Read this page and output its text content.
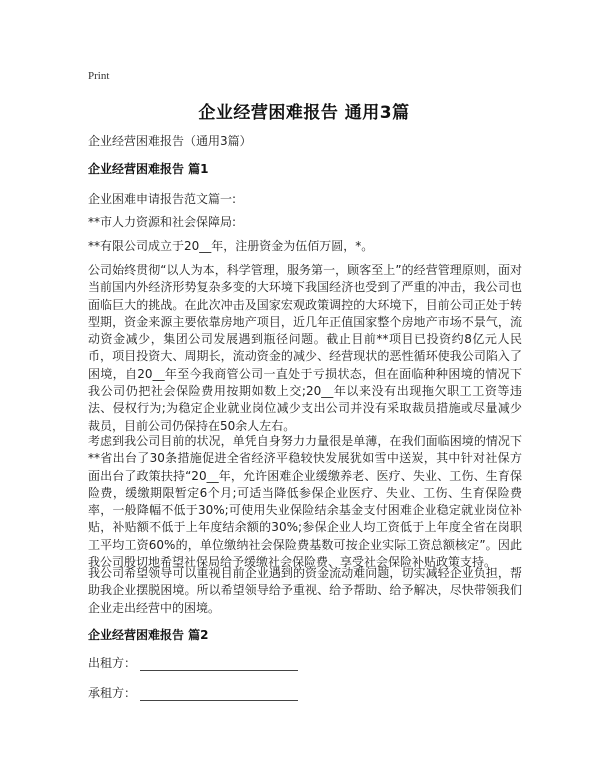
Print
企业经营困难报告 通用3篇
企业经营困难报告（通用3篇）
企业经营困难报告 篇1
企业困难申请报告范文篇一:
**市人力资源和社会保障局:
**有限公司成立于20__年，注册资金为伍佰万圆，*。
公司始终贯彻“以人为本，科学管理，服务第一，顾客至上”的经营管理原则，面对当前国内外经济形势复杂多变的大环境下我国经济也受到了严重的冲击，我公司也面临巨大的挑战。在此次冲击及国家宏观政策调控的大环境下，目前公司正处于转型期，资金来源主要依靠房地产项目，近几年正值国家整个房地产市场不景气，流动资金减少，集团公司发展遇到瓶径问题。截止目前**项目已投资约8亿元人民币，项目投资大、周期长，流动资金的减少、经营现状的恶性循环使我公司陷入了困境，自20__年至今我商管公司一直处于亏损状态，但在面临种种困境的情况下我公司仍把社会保险费用按期如数上交;20__年以来没有出现拖欠职工工资等违法、侵权行为;为稳定企业就业岗位减少支出公司并没有采取裁员措施或尽量减少裁员，目前公司仍保持在50余人左右。
考虑到我公司目前的状况，单凭自身努力力量很是单薄，在我们面临困境的情况下**省出台了30条措施促进全省经济平稳较快发展犹如雪中送炭，其中针对社保方面出台了政策扶持“20__年，允许困难企业缓缴养老、医疗、失业、工伤、生育保险费，缓缴期限暂定6个月;可适当降低参保企业医疗、失业、工伤、生育保险费率，一般降幅不低于30%;可使用失业保险结余基金支付困难企业稳定就业岗位补贴，补贴额不低于上年度结余额的30%;参保企业人均工资低于上年度全省在岗职工平均工资60%的，单位缴纳社会保险费基数可按企业实际工资总额核定”。因此我公司殷切地希望社保局给予缓缴社会保险费、享受社会保险补贴政策支持。
我公司希望领导可以重视目前企业遇到的资金流动难问题，切实减轻企业负担，帮助我企业摆脱困境。所以希望领导给予重视、给予帮助、给予解决，尽快带领我们企业走出经营中的困境。
企业经营困难报告 篇2
出租方：
承租方：
